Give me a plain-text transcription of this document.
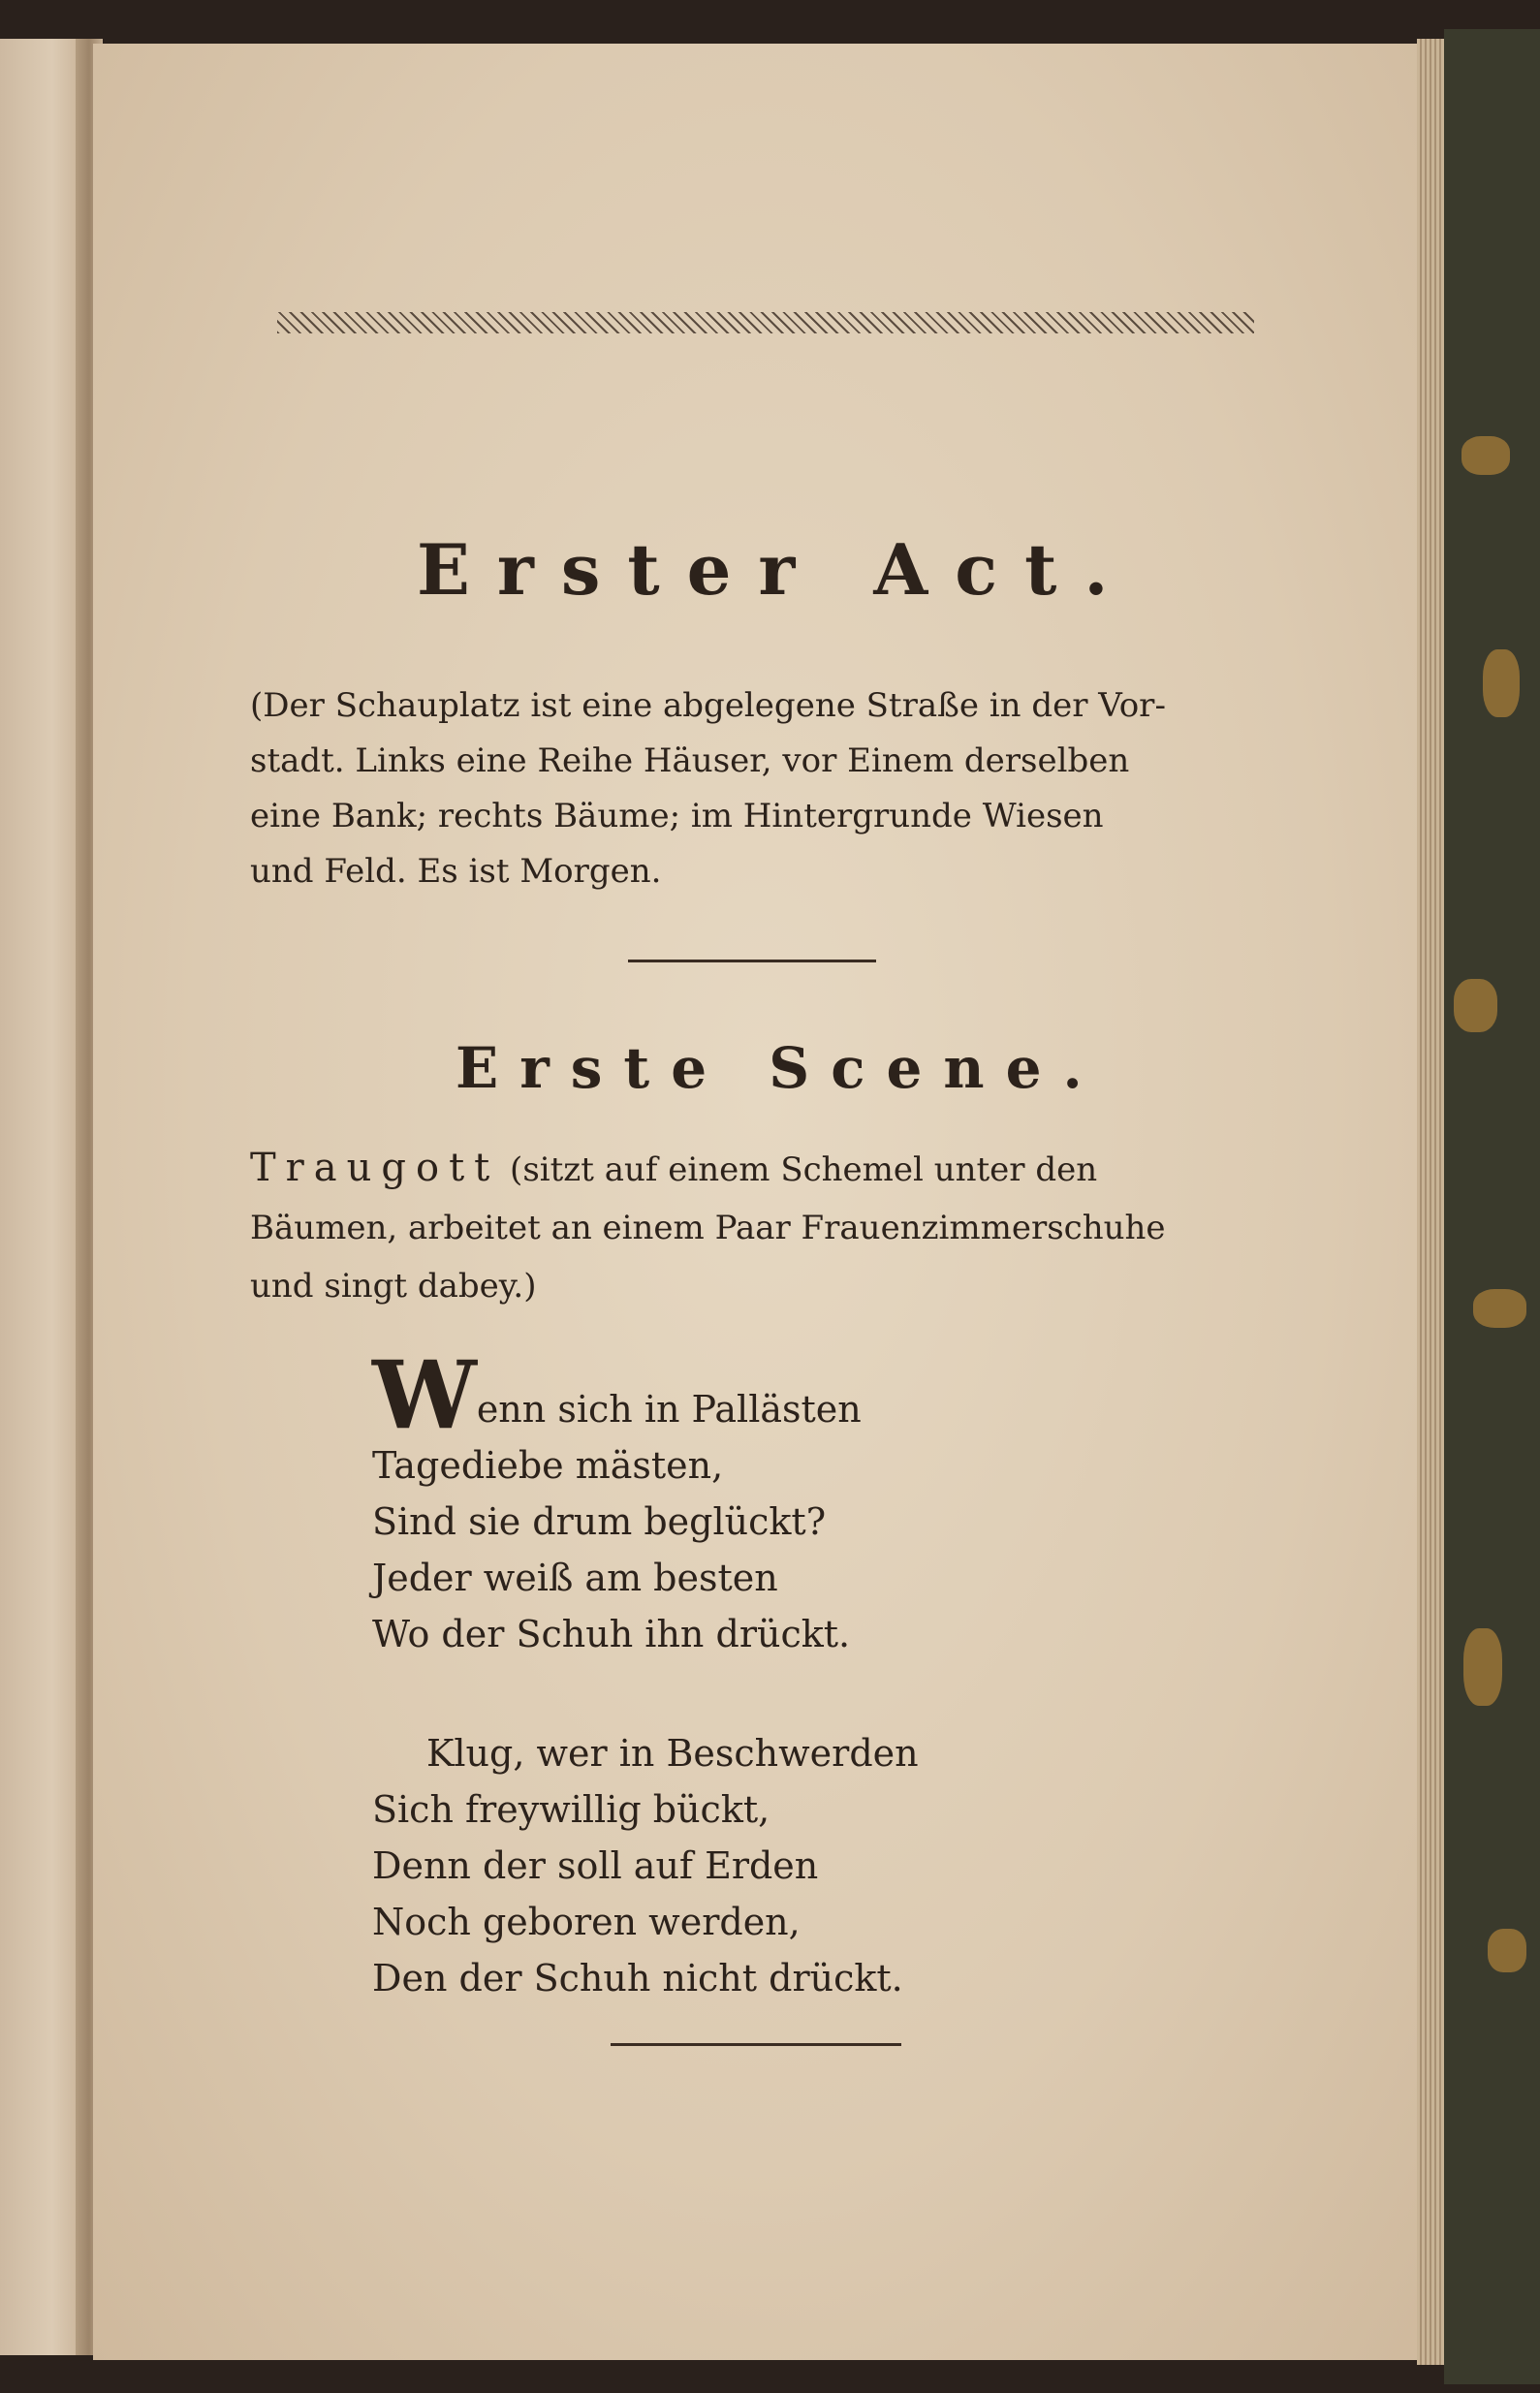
Erster Act.
(Der Schauplatz ist eine abgelegene Straße in der Vor-
stadt. Links eine Reihe Häuser, vor Einem derselben
eine Bank; rechts Bäume; im Hintergrunde Wiesen
und Feld. Es ist Morgen.
Erste Scene.
Traugott (sitzt auf einem Schemel unter den
Bäumen, arbeitet an einem Paar Frauenzimmerschuhe
und singt dabey.)
Wenn sich in Pallästen
Tagediebe mästen,
Sind sie drum beglückt?
Jeder weiß am besten
Wo der Schuh ihn drückt.
Klug, wer in Beschwerden
Sich freywillig bückt,
Denn der soll auf Erden
Noch geboren werden,
Den der Schuh nicht drückt.
